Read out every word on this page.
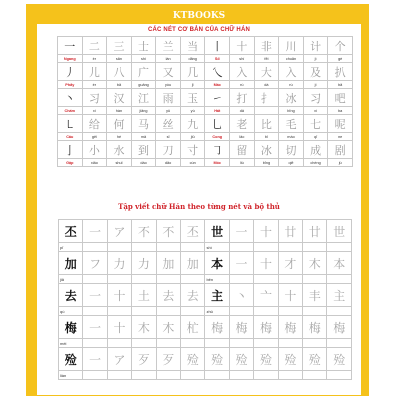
KTBOOKS
CÁC NÉT CƠ BẢN CỦA CHỮ HÁN
一	二	三	士	兰	当	丨	十	非	川	计	个
Ngang	èr	sān	shì	lán	dāng	Sổ	shí	fēi	chuān	jì	gè
丿	儿	八	广	又	几	乀	入	大	入	及	扒
Phẩy	ér	bā	guǎng	yòu	jǐ	Mác	rù	dà	rù	jí	bā
丶	习	汉	江	雨	玉	㇀	打	扌	冰	习	吧
Chấm	xí	hàn	jiāng	yǔ	yù	Hất	dǎ		bīng	xí	ba
㇄	给	何	马	丝	九	乚	老	比	毛	七	呢
Câu	gěi	hé	mǎ	sī	jiǔ	Cong	lǎo	bǐ	máo	qī	ne
亅	小	水	到	刀	寸	㇆	留	冰	切	成	剧
Gập	xiǎo	shuǐ	dào	dāo	cùn	Móc	liú	bīng	qiē	chéng	jù
Tập viết chữ Hán theo từng nét và bộ thủ
丕	一	ア	不	不	丕	世	一	十	廿	廿	世
pī						shì					
加	フ	力	力	加	加	本	一	十	才	木	本
jiā						běn					
去	一	十	土	去	去	主	丶	亠	十	丰	主
qù						zhǔ					
梅	一	十	木	木	杧	梅	梅	梅	梅	梅	梅
méi											
殓	一	ア	歹	歹	殓	殓	殓	殓	殓	殓	殓
liàn											
